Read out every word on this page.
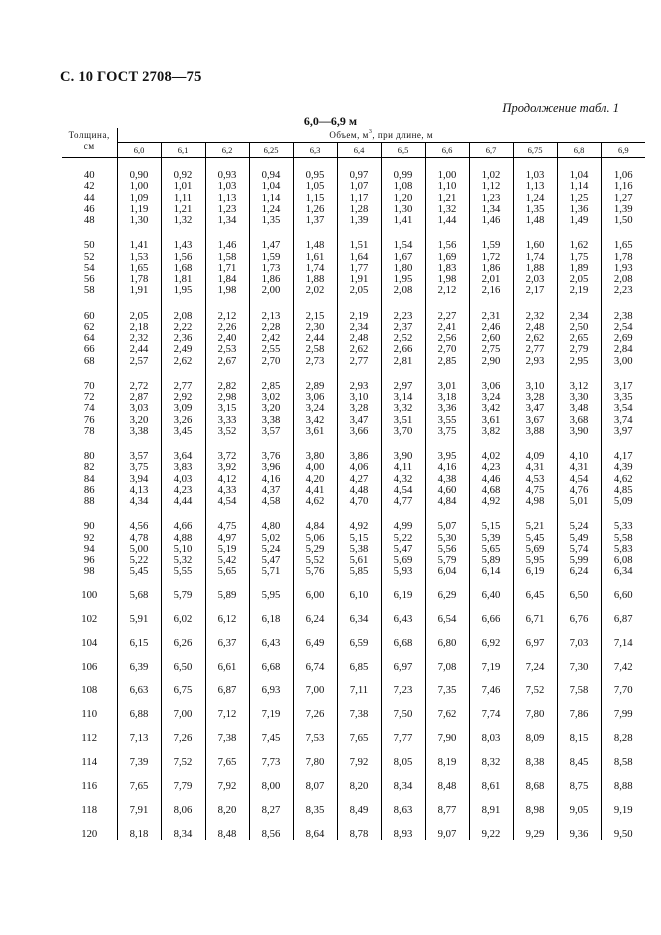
С. 10 ГОСТ 2708—75
Продолжение табл. 1
6,0—6,9 м
Толщина,
см	Объем, $м^3$, при длине, м											
	6,0	6,1	6,2	6,25	6,3	6,4	6,5	6,6	6,7	6,75	6,8	6,9
40	0,90	0,92	0,93	0,94	0,95	0,97	0,99	1,00	1,02	1,03	1,04	1,06
42	1,00	1,01	1,03	1,04	1,05	1,07	1,08	1,10	1,12	1,13	1,14	1,16
44	1,09	1,11	1,13	1,14	1,15	1,17	1,20	1,21	1,23	1,24	1,25	1,27
46	1,19	1,21	1,23	1,24	1,26	1,28	1,30	1,32	1,34	1,35	1,36	1,39
48	1,30	1,32	1,34	1,35	1,37	1,39	1,41	1,44	1,46	1,48	1,49	1,50
50	1,41	1,43	1,46	1,47	1,48	1,51	1,54	1,56	1,59	1,60	1,62	1,65
52	1,53	1,56	1,58	1,59	1,61	1,64	1,67	1,69	1,72	1,74	1,75	1,78
54	1,65	1,68	1,71	1,73	1,74	1,77	1,80	1,83	1,86	1,88	1,89	1,93
56	1,78	1,81	1,84	1,86	1,88	1,91	1,95	1,98	2,01	2,03	2,05	2,08
58	1,91	1,95	1,98	2,00	2,02	2,05	2,08	2,12	2,16	2,17	2,19	2,23
60	2,05	2,08	2,12	2,13	2,15	2,19	2,23	2,27	2,31	2,32	2,34	2,38
62	2,18	2,22	2,26	2,28	2,30	2,34	2,37	2,41	2,46	2,48	2,50	2,54
64	2,32	2,36	2,40	2,42	2,44	2,48	2,52	2,56	2,60	2,62	2,65	2,69
66	2,44	2,49	2,53	2,55	2,58	2,62	2,66	2,70	2,75	2,77	2,79	2,84
68	2,57	2,62	2,67	2,70	2,73	2,77	2,81	2,85	2,90	2,93	2,95	3,00
70	2,72	2,77	2,82	2,85	2,89	2,93	2,97	3,01	3,06	3,10	3,12	3,17
72	2,87	2,92	2,98	3,02	3,06	3,10	3,14	3,18	3,24	3,28	3,30	3,35
74	3,03	3,09	3,15	3,20	3,24	3,28	3,32	3,36	3,42	3,47	3,48	3,54
76	3,20	3,26	3,33	3,38	3,42	3,47	3,51	3,55	3,61	3,67	3,68	3,74
78	3,38	3,45	3,52	3,57	3,61	3,66	3,70	3,75	3,82	3,88	3,90	3,97
80	3,57	3,64	3,72	3,76	3,80	3,86	3,90	3,95	4,02	4,09	4,10	4,17
82	3,75	3,83	3,92	3,96	4,00	4,06	4,11	4,16	4,23	4,31	4,31	4,39
84	3,94	4,03	4,12	4,16	4,20	4,27	4,32	4,38	4,46	4,53	4,54	4,62
86	4,13	4,23	4,33	4,37	4,41	4,48	4,54	4,60	4,68	4,75	4,76	4,85
88	4,34	4,44	4,54	4,58	4,62	4,70	4,77	4,84	4,92	4,98	5,01	5,09
90	4,56	4,66	4,75	4,80	4,84	4,92	4,99	5,07	5,15	5,21	5,24	5,33
92	4,78	4,88	4,97	5,02	5,06	5,15	5,22	5,30	5,39	5,45	5,49	5,58
94	5,00	5,10	5,19	5,24	5,29	5,38	5,47	5,56	5,65	5,69	5,74	5,83
96	5,22	5,32	5,42	5,47	5,52	5,61	5,69	5,79	5,89	5,95	5,99	6,08
98	5,45	5,55	5,65	5,71	5,76	5,85	5,93	6,04	6,14	6,19	6,24	6,34
100	5,68	5,79	5,89	5,95	6,00	6,10	6,19	6,29	6,40	6,45	6,50	6,60
102	5,91	6,02	6,12	6,18	6,24	6,34	6,43	6,54	6,66	6,71	6,76	6,87
104	6,15	6,26	6,37	6,43	6,49	6,59	6,68	6,80	6,92	6,97	7,03	7,14
106	6,39	6,50	6,61	6,68	6,74	6,85	6,97	7,08	7,19	7,24	7,30	7,42
108	6,63	6,75	6,87	6,93	7,00	7,11	7,23	7,35	7,46	7,52	7,58	7,70
110	6,88	7,00	7,12	7,19	7,26	7,38	7,50	7,62	7,74	7,80	7,86	7,99
112	7,13	7,26	7,38	7,45	7,53	7,65	7,77	7,90	8,03	8,09	8,15	8,28
114	7,39	7,52	7,65	7,73	7,80	7,92	8,05	8,19	8,32	8,38	8,45	8,58
116	7,65	7,79	7,92	8,00	8,07	8,20	8,34	8,48	8,61	8,68	8,75	8,88
118	7,91	8,06	8,20	8,27	8,35	8,49	8,63	8,77	8,91	8,98	9,05	9,19
120	8,18	8,34	8,48	8,56	8,64	8,78	8,93	9,07	9,22	9,29	9,36	9,50
